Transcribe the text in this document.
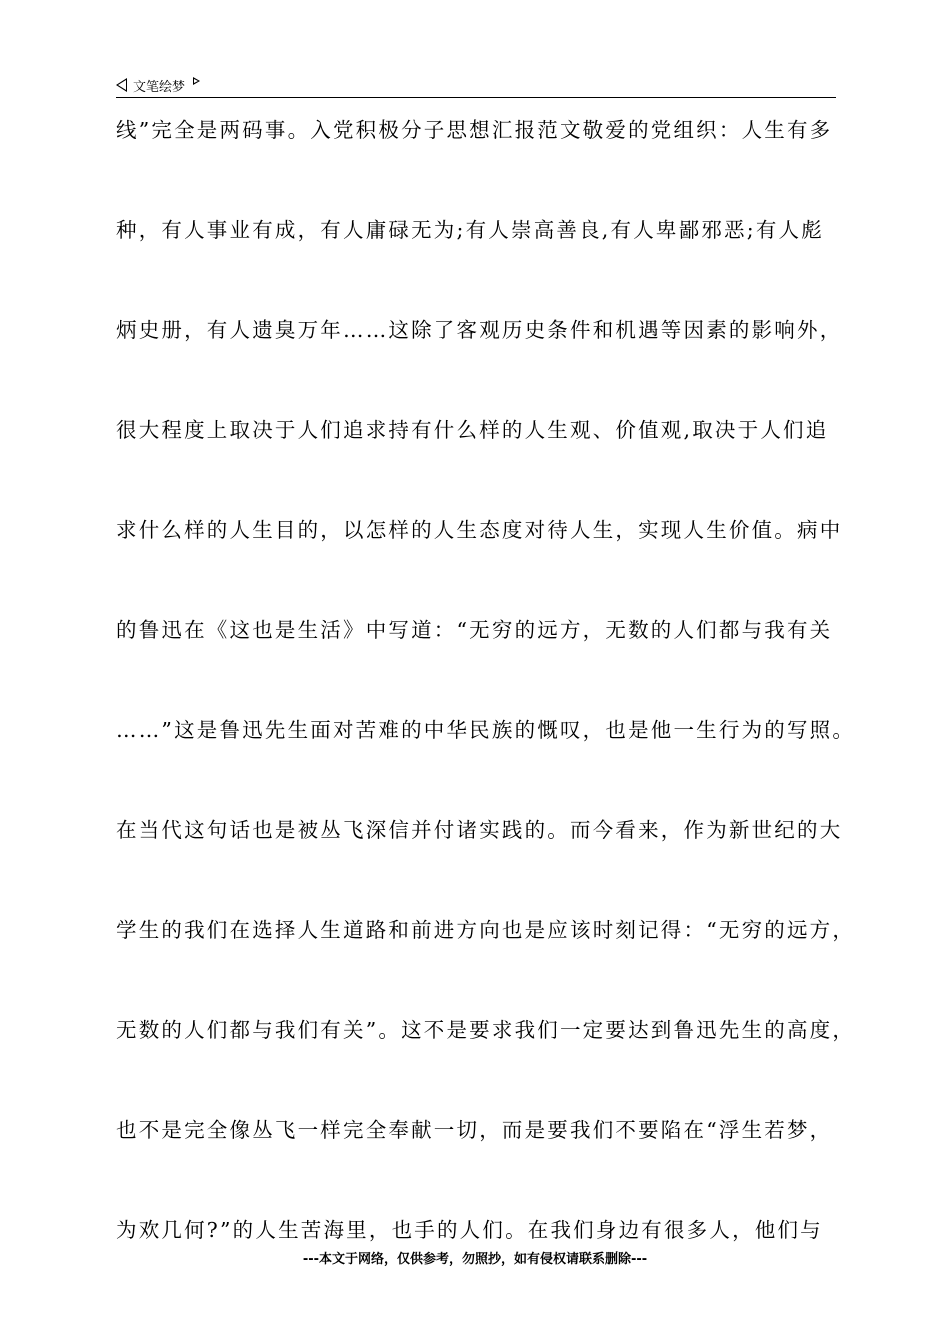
文笔绘梦
线”完全是两码事。入党积极分子思想汇报范文敬爱的党组织：人生有多
种，有人事业有成，有人庸碌无为;有人崇高善良,有人卑鄙邪恶;有人彪
炳史册，有人遗臭万年……这除了客观历史条件和机遇等因素的影响外，
很大程度上取决于人们追求持有什么样的人生观、价值观,取决于人们追
求什么样的人生目的，以怎样的人生态度对待人生，实现人生价值。病中
的鲁迅在《这也是生活》中写道：“无穷的远方，无数的人们都与我有关
……”这是鲁迅先生面对苦难的中华民族的慨叹，也是他一生行为的写照。
在当代这句话也是被丛飞深信并付诸实践的。而今看来，作为新世纪的大
学生的我们在选择人生道路和前进方向也是应该时刻记得：“无穷的远方，
无数的人们都与我们有关”。这不是要求我们一定要达到鲁迅先生的高度，
也不是完全像丛飞一样完全奉献一切，而是要我们不要陷在“浮生若梦，
为欢几何?”的人生苦海里，也手的人们。在我们身边有很多人，他们与
---本文于网络，仅供参考，勿照抄，如有侵权请联系删除---
